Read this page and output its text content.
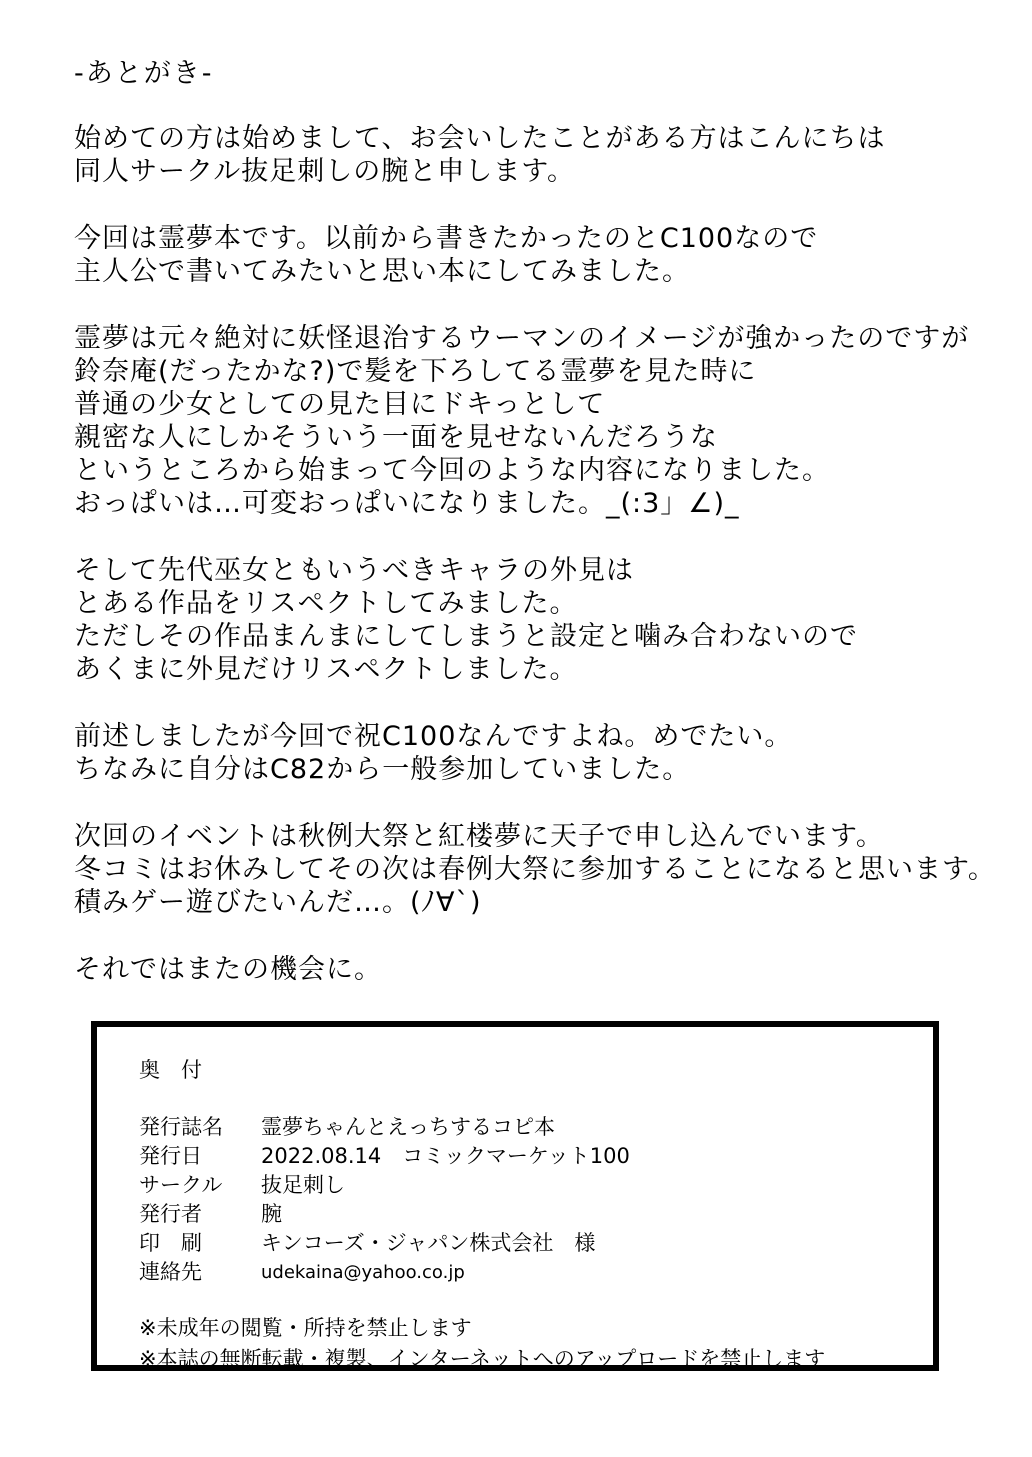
-あとがき-
始めての方は始めまして、お会いしたことがある方はこんにちは
同人サークル抜足刺しの腕と申します。
今回は霊夢本です。以前から書きたかったのとC100なので
主人公で書いてみたいと思い本にしてみました。
霊夢は元々絶対に妖怪退治するウーマンのイメージが強かったのですが
鈴奈庵(だったかな?)で髪を下ろしてる霊夢を見た時に
普通の少女としての見た目にドキっとして
親密な人にしかそういう一面を見せないんだろうな
というところから始まって今回のような内容になりました。
おっぱいは…可変おっぱいになりました。_(:3」∠)_
そして先代巫女ともいうべきキャラの外見は
とある作品をリスペクトしてみました。
ただしその作品まんまにしてしまうと設定と噛み合わないので
あくまに外見だけリスペクトしました。
前述しましたが今回で祝C100なんですよね。めでたい。
ちなみに自分はC82から一般参加していました。
次回のイベントは秋例大祭と紅楼夢に天子で申し込んでいます。
冬コミはお休みしてその次は春例大祭に参加することになると思います。
積みゲー遊びたいんだ…。(ﾉ∀`)
それではまたの機会に。
奥　付
発行誌名	霊夢ちゃんとえっちするコピ本
発行日	2022.08.14　コミックマーケット100
サークル	抜足刺し
発行者	腕
印　刷	キンコーズ・ジャパン株式会社　様
連絡先	udekaina@yahoo.co.jp
※未成年の閲覧・所持を禁止します
※本誌の無断転載・複製、インターネットへのアップロードを禁止します
